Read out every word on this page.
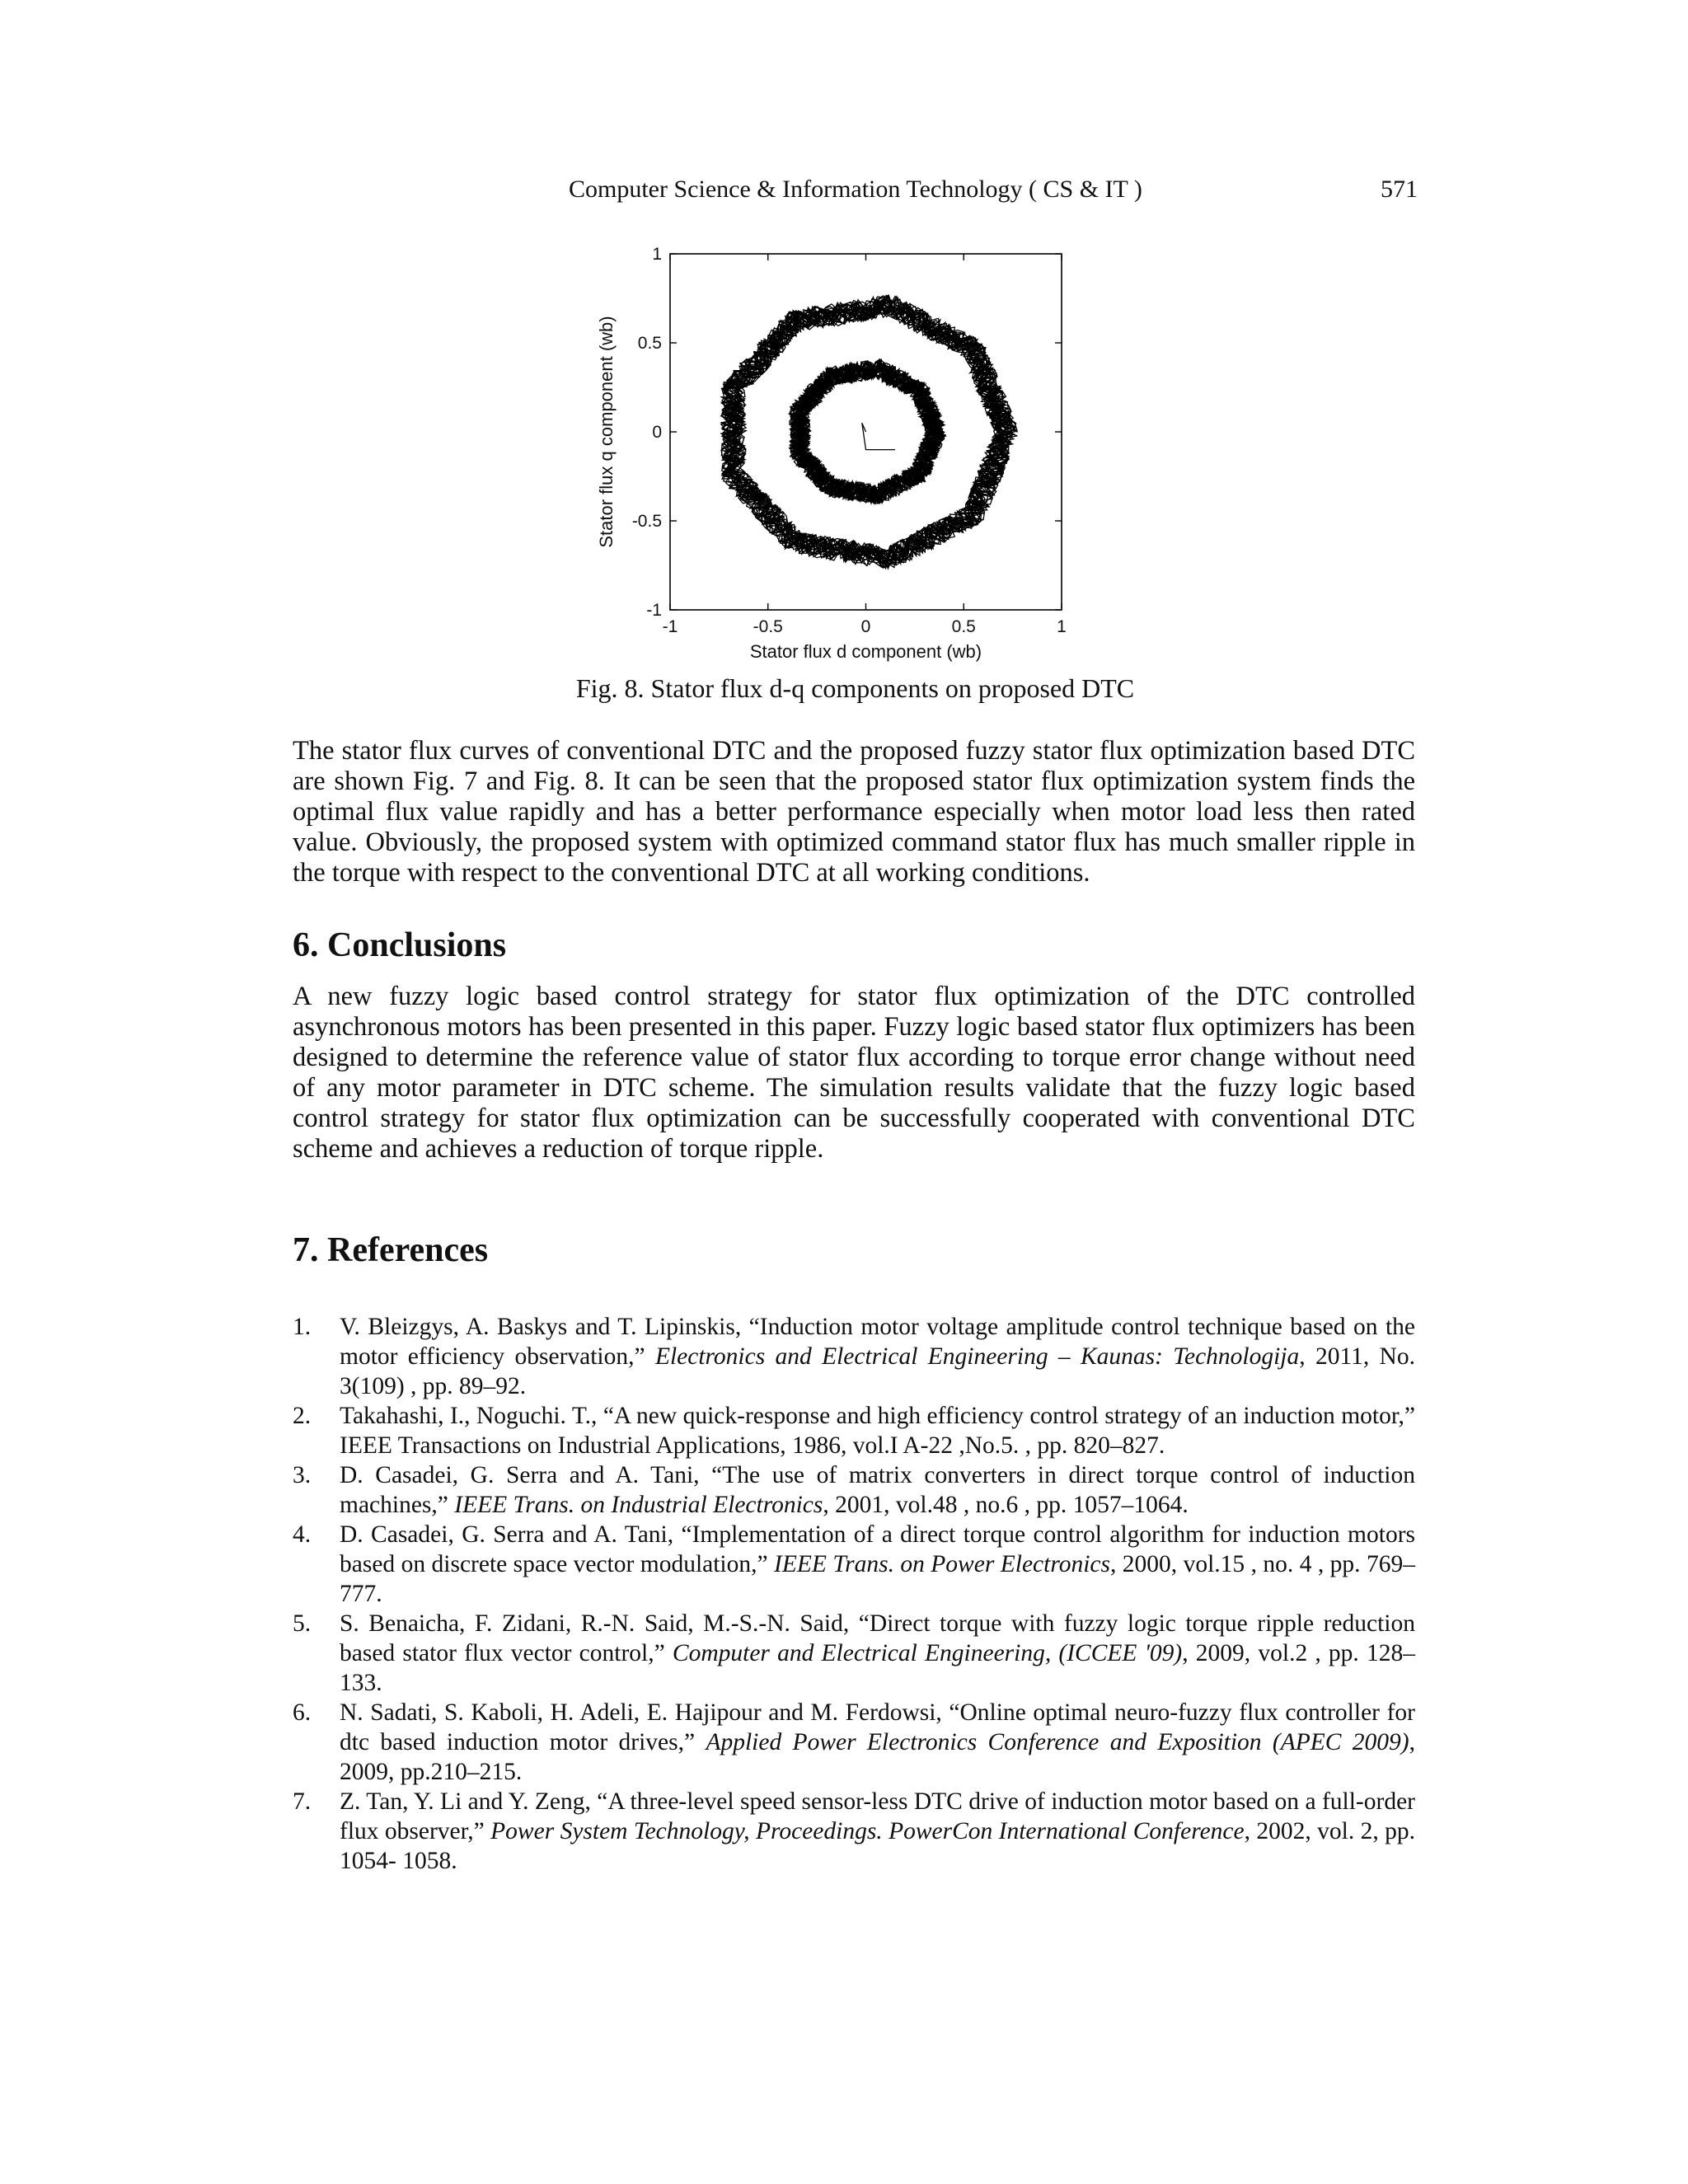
Computer Science & Information Technology ( CS & IT )	571
-1	-0.5	0	0.5	1
1
0.5
0
-0.5
-1
Stator flux d component (wb)
Stator flux q component (wb)
Fig. 8. Stator flux d-q components on proposed DTC
The stator flux curves of conventional DTC and the proposed fuzzy stator flux optimization based DTC are shown Fig. 7 and Fig. 8. It can be seen that the proposed stator flux optimization system finds the optimal flux value rapidly and has a better performance especially when motor load less then rated value. Obviously, the proposed system with optimized command stator flux has much smaller ripple in the torque with respect to the conventional DTC at all working conditions.
6. Conclusions
A new fuzzy logic based control strategy for stator flux optimization of the DTC controlled asynchronous motors has been presented in this paper. Fuzzy logic based stator flux optimizers has been designed to determine the reference value of stator flux according to torque error change without need of any motor parameter in DTC scheme. The simulation results validate that the fuzzy logic based control strategy for stator flux optimization can be successfully cooperated with conventional DTC scheme and achieves a reduction of torque ripple.
7. References
1. V. Bleizgys, A. Baskys and T. Lipinskis, “Induction motor voltage amplitude control technique based on the motor efficiency observation,” Electronics and Electrical Engineering – Kaunas: Technologija, 2011, No. 3(109) , pp. 89–92.
2. Takahashi, I., Noguchi. T., “A new quick-response and high efficiency control strategy of an induction motor,” IEEE Transactions on Industrial Applications, 1986, vol.I A-22 ,No.5. , pp. 820–827.
3. D. Casadei, G. Serra and A. Tani, “The use of matrix converters in direct torque control of induction machines,” IEEE Trans. on Industrial Electronics, 2001, vol.48 , no.6 , pp. 1057–1064.
4. D. Casadei, G. Serra and A. Tani, “Implementation of a direct torque control algorithm for induction motors based on discrete space vector modulation,” IEEE Trans. on Power Electronics, 2000, vol.15 , no. 4 , pp. 769–777.
5. S. Benaicha, F. Zidani, R.-N. Said, M.-S.-N. Said, “Direct torque with fuzzy logic torque ripple reduction based stator flux vector control,” Computer and Electrical Engineering, (ICCEE '09), 2009, vol.2 , pp. 128–133.
6. N. Sadati, S. Kaboli, H. Adeli, E. Hajipour and M. Ferdowsi, “Online optimal neuro-fuzzy flux controller for dtc based induction motor drives,” Applied Power Electronics Conference and Exposition (APEC 2009), 2009, pp.210–215.
7. Z. Tan, Y. Li and Y. Zeng, “A three-level speed sensor-less DTC drive of induction motor based on a full-order flux observer,” Power System Technology, Proceedings. PowerCon International Conference, 2002, vol. 2, pp. 1054- 1058.
